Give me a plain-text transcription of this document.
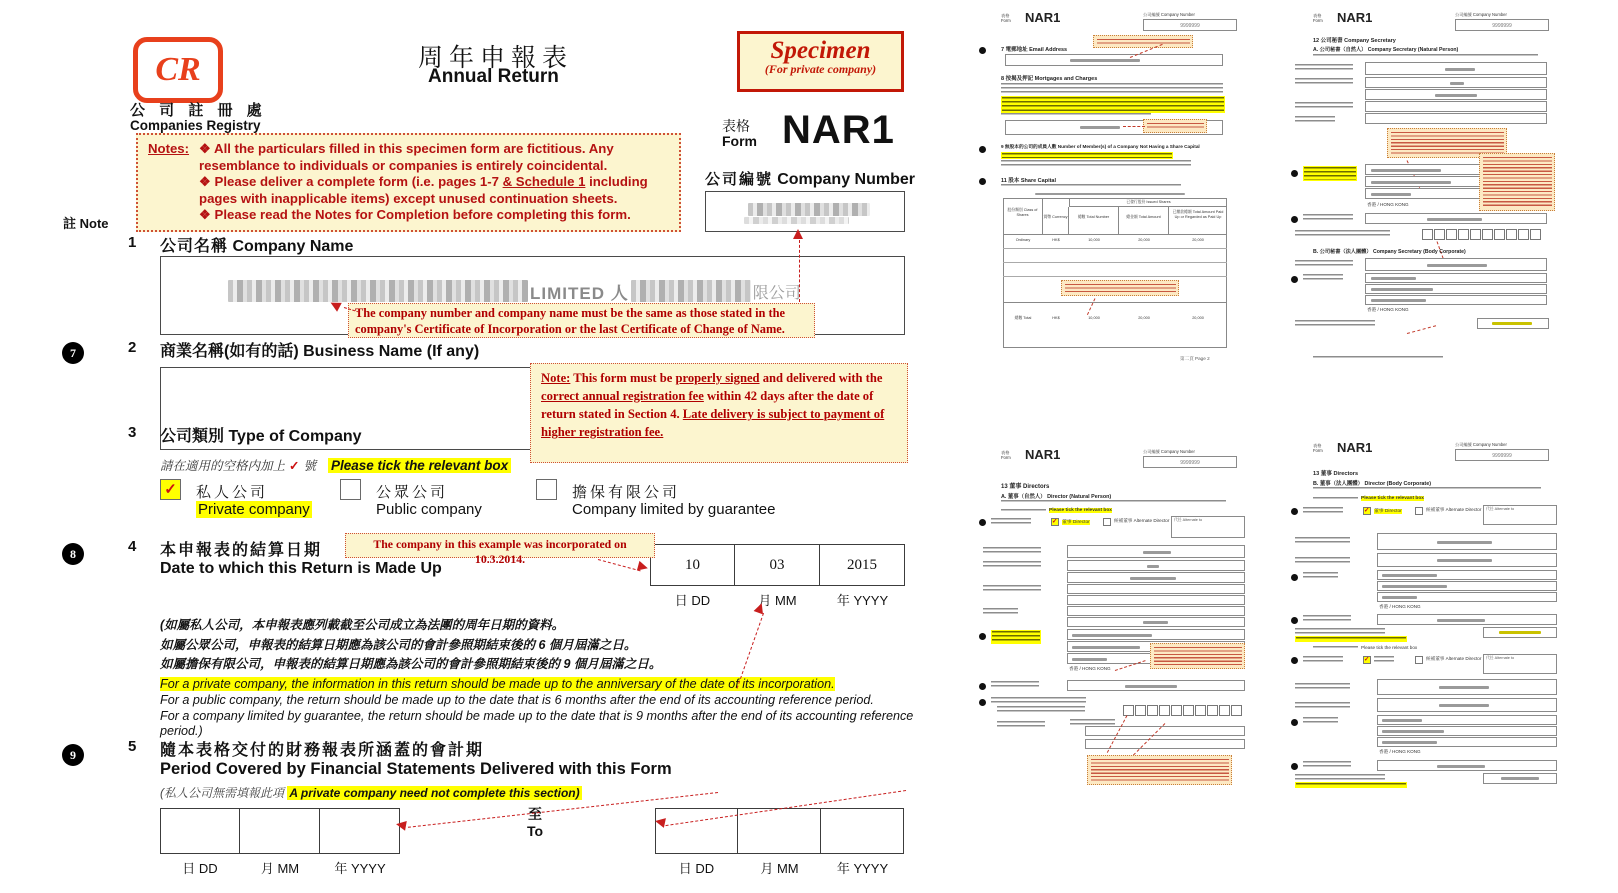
CR
公 司 註 冊 處
Companies Registry
周年申報表
Annual Return
Specimen
(For private company)
Notes: ❖ All the particulars filled in this specimen form are fictitious. Any resemblance to individuals or companies is entirely coincidental.
❖ Please deliver a complete form (i.e. pages 1-7 & Schedule 1 including pages with inapplicable items) except unused continuation sheets.
❖ Please read the Notes for Completion before completing this form.
表格
Form NAR1
公司編號 Company Number
註 Note
1 公司名稱 Company Name
LIMITED 人	限公司
The company number and company name must be the same as those stated in the
company's Certificate of Incorporation or the last Certificate of Change of Name.
7	2 商業名稱(如有的話) Business Name (If any)
Note: This form must be properly signed and delivered with the correct annual registration fee within 42 days after the date of return stated in Section 4. Late delivery is subject to payment of higher registration fee.
3 公司類別 Type of Company
請在適用的空格内加上 ✓ 號 Please tick the relevant box
✓ 私人公司
Private company
公眾公司
Public company
擔保有限公司
Company limited by guarantee
8	4 本申報表的結算日期
Date to which this Return is Made Up
The company in this example was incorporated on 10.3.2014.	10	03	2015
日 DD	月 MM	年 YYYY
(如屬私人公司，本申報表應列載截至公司成立為法團的周年日期的資料。
如屬公眾公司，申報表的結算日期應為該公司的會計參照期結束後的 6 個月屆滿之日。
如屬擔保有限公司，申報表的結算日期應為該公司的會計參照期結束後的 9 個月屆滿之日。
For a private company, the information in this return should be made up to the anniversary of the date of its incorporation.
For a public company, the return should be made up to the date that is 6 months after the end of its accounting reference period.
For a company limited by guarantee, the return should be made up to the date that is 9 months after the end of its accounting reference period.)
9	5 隨本表格交付的財務報表所涵蓋的會計期
Period Covered by Financial Statements Delivered with this Form
(私人公司無需填報此項 A private company need not complete this section)
日 DD	月 MM	年 YYYY
至
To
日 DD	月 MM	年 YYYY
表格
Form NAR1	公司編號 Company Number
9999999
7 電郵地址 Email Address
8 按揭及押記 Mortgages and Charges
9 無股本的公司的成員人數 Number of Member(s) of a Company Not Having a Share Capital
11 股本 Share Capital
已發行股份 Issued Shares
股份類別 Class of Shares	貨幣 Currency	總數 Total Number	總金額 Total Amount
已繳款總額 Total Amount Paid Up or Regarded as Paid Up
Ordinary	HK$	10,000	20,000	20,000
總數 Total	HK$	10,000	20,000	20,000
第二頁 Page 2
表格
Form NAR1	公司編號 Company Number
9999999
12 公司秘書 Company Secretary
A. 公司秘書（自然人） Company Secretary (Natural Person)
香港 / HONG KONG
B. 公司秘書（法人團體） Company Secretary (Body Corporate)
香港 / HONG KONG
表格
Form NAR1	公司編號 Company Number
9999999
13 董事 Directors
A. 董事（自然人） Director (Natural Person)
Please tick the relevant box
✓ 董事 Director	候補董事 Alternate Director 代任 Alternate to
香港 / HONG KONG
表格
Form NAR1	公司編號 Company Number
9999999
13 董事 Directors
B. 董事（法人團體） Director (Body Corporate)
Please tick the relevant box
✓ 董事 Director	候補董事 Alternate Director 代任 Alternate to
香港 / HONG KONG
Please tick the relevant box
✓	候補董事 Alternate Director 代任 Alternate to
香港 / HONG KONG
